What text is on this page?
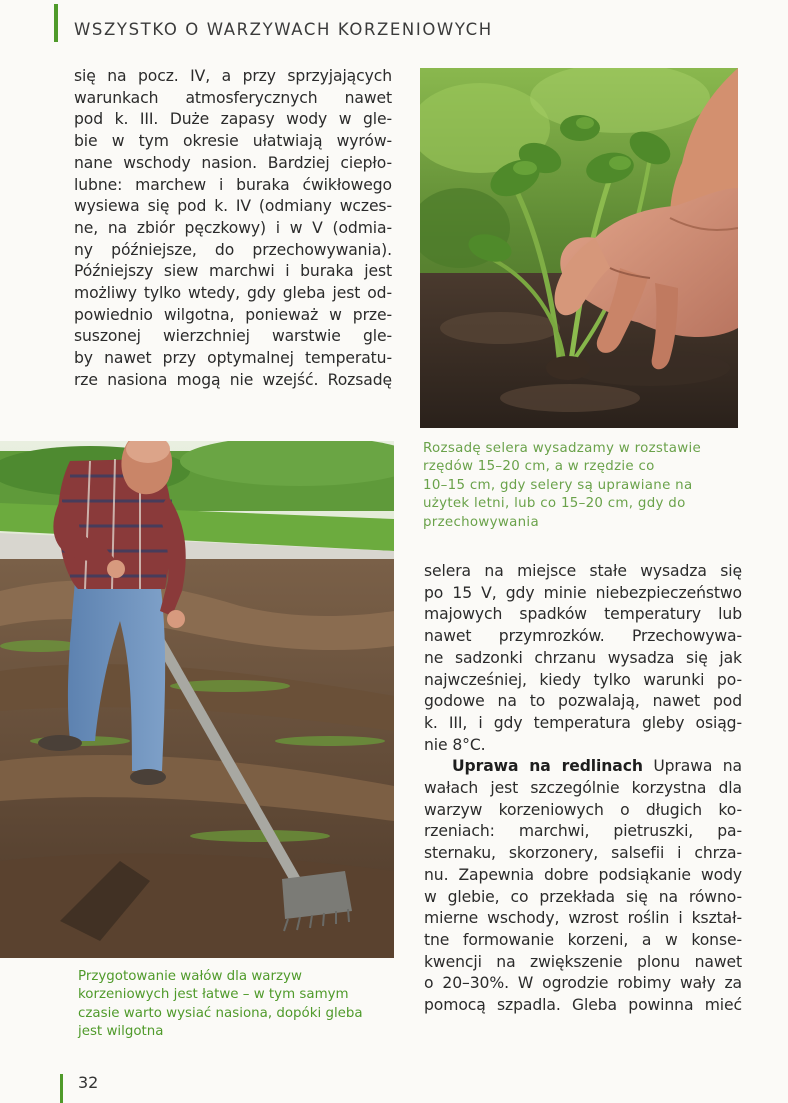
WSZYSTKO O WARZYWACH KORZENIOWYCH
się na pocz. IV, a przy sprzyjających
warunkach atmosferycznych nawet
pod k. III. Duże zapasy wody w gle-
bie w tym okresie ułatwiają wyrów-
nane wschody nasion. Bardziej ciepło-
lubne: marchew i buraka ćwikłowego
wysiewa się pod k. IV (odmiany wczes-
ne, na zbiór pęczkowy) i w V (odmia-
ny późniejsze, do przechowywania).
Późniejszy siew marchwi i buraka jest
możliwy tylko wtedy, gdy gleba jest od-
powiednio wilgotna, ponieważ w prze-
suszonej wierzchniej warstwie gle-
by nawet przy optymalnej temperatu-
rze nasiona mogą nie wzejść. Rozsadę
Rozsadę selera wysadzamy w rozstawie
rzędów 15–20 cm, a w rzędzie co
10–15 cm, gdy selery są uprawiane na
użytek letni, lub co 15–20 cm, gdy do
przechowywania
Przygotowanie wałów dla warzyw
korzeniowych jest łatwe – w tym samym
czasie warto wysiać nasiona, dopóki gleba
jest wilgotna
selera na miejsce stałe wysadza się
po 15 V, gdy minie niebezpieczeństwo
majowych spadków temperatury lub
nawet przymrozków. Przechowywa-
ne sadzonki chrzanu wysadza się jak
najwcześniej, kiedy tylko warunki po-
godowe na to pozwalają, nawet pod
k. III, i gdy temperatura gleby osiąg-
nie 8°C.
Uprawa na redlinach Uprawa na
wałach jest szczególnie korzystna dla
warzyw korzeniowych o długich ko-
rzeniach: marchwi, pietruszki, pa-
sternaku, skorzonery, salsefii i chrza-
nu. Zapewnia dobre podsiąkanie wody
w glebie, co przekłada się na równo-
mierne wschody, wzrost roślin i kształ-
tne formowanie korzeni, a w konse-
kwencji na zwiększenie plonu nawet
o 20–30%. W ogrodzie robimy wały za
pomocą szpadla. Gleba powinna mieć
32
